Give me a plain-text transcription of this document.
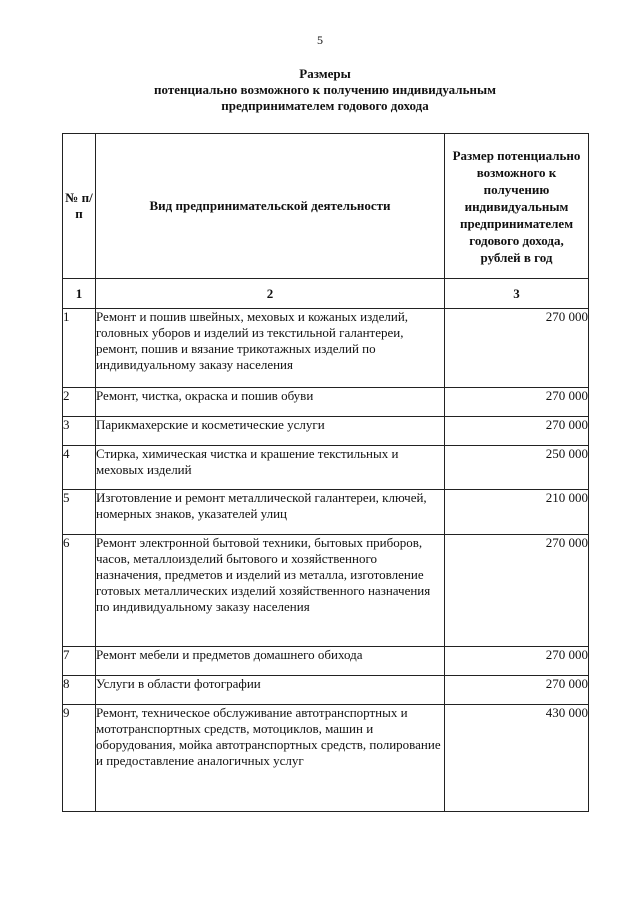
5
Размеры
потенциально возможного к получению индивидуальным
предпринимателем годового дохода
№ п/п	Вид предпринимательской деятельности	Размер потенциально возможного к получению индивидуальным предпринимателем годового дохода, рублей в год
1	2	3
1	Ремонт и пошив швейных, меховых и кожаных изделий, головных уборов и изделий из текстильной галантереи, ремонт, пошив и вязание трикотажных изделий по индивидуальному заказу населения	270 000
2	Ремонт, чистка, окраска и пошив обуви	270 000
3	Парикмахерские и косметические услуги	270 000
4	Стирка, химическая чистка и крашение текстильных и меховых изделий	250 000
5	Изготовление и ремонт металлической галантереи, ключей, номерных знаков, указателей улиц	210 000
6	Ремонт электронной бытовой техники, бытовых приборов, часов, металлоизделий бытового и хозяйственного назначения, предметов и изделий из металла, изготовление готовых металлических изделий хозяйственного назначения по индивидуальному заказу населения	270 000
7	Ремонт мебели и предметов домашнего обихода	270 000
8	Услуги в области фотографии	270 000
9	Ремонт, техническое обслуживание автотранспортных и мототранспортных средств, мотоциклов, машин и оборудования, мойка автотранспортных средств, полирование и предоставление аналогичных услуг	430 000
